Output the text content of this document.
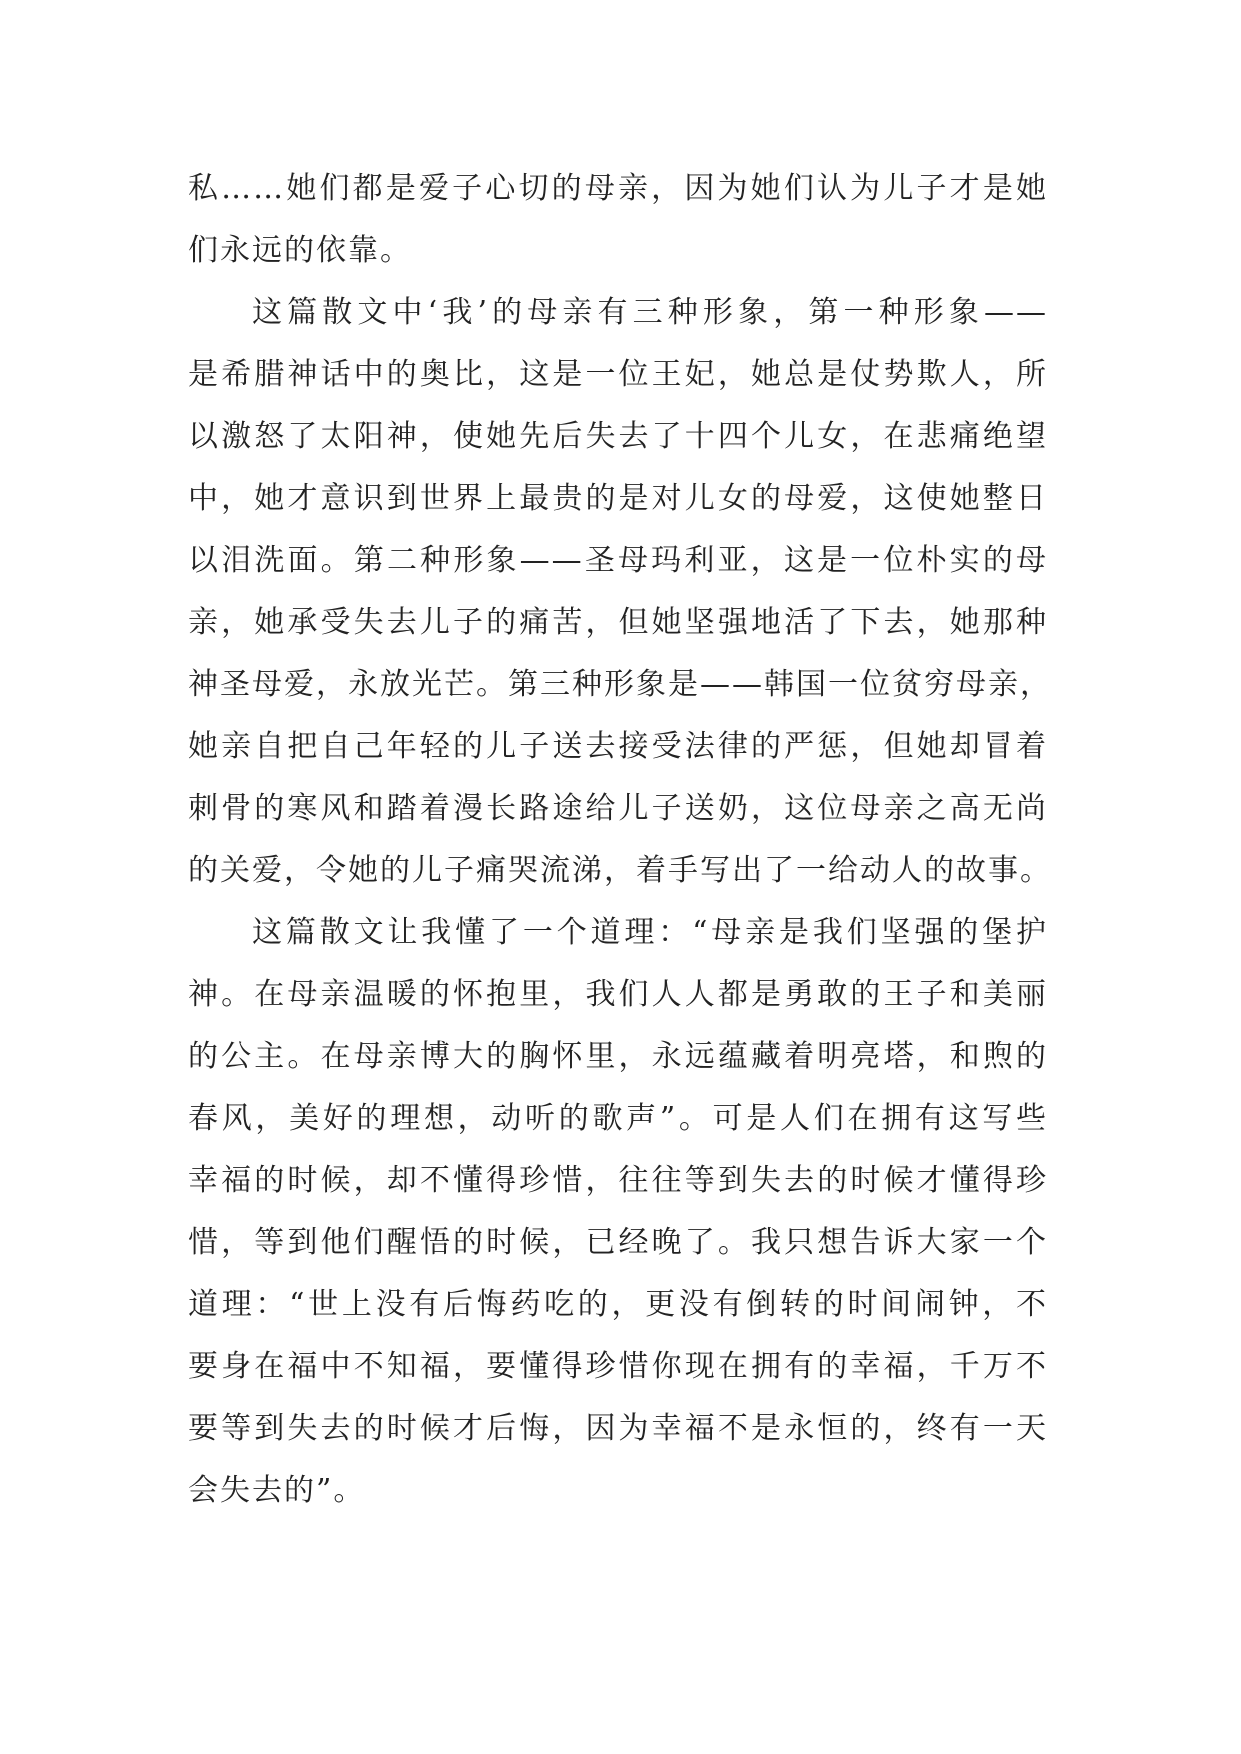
私……她们都是爱子心切的母亲，因为她们认为儿子才是她
们永远的依靠。
这篇散文中‘我’的母亲有三种形象，第一种形象——
是希腊神话中的奥比，这是一位王妃，她总是仗势欺人，所
以激怒了太阳神，使她先后失去了十四个儿女，在悲痛绝望
中，她才意识到世界上最贵的是对儿女的母爱，这使她整日
以泪洗面。第二种形象——圣母玛利亚，这是一位朴实的母
亲，她承受失去儿子的痛苦，但她坚强地活了下去，她那种
神圣母爱，永放光芒。第三种形象是——韩国一位贫穷母亲，
她亲自把自己年轻的儿子送去接受法律的严惩，但她却冒着
刺骨的寒风和踏着漫长路途给儿子送奶，这位母亲之高无尚
的关爱，令她的儿子痛哭流涕，着手写出了一给动人的故事。
这篇散文让我懂了一个道理：“母亲是我们坚强的堡护
神。在母亲温暖的怀抱里，我们人人都是勇敢的王子和美丽
的公主。在母亲博大的胸怀里，永远蕴藏着明亮塔，和煦的
春风，美好的理想，动听的歌声”。可是人们在拥有这写些
幸福的时候，却不懂得珍惜，往往等到失去的时候才懂得珍
惜，等到他们醒悟的时候，已经晚了。我只想告诉大家一个
道理：“世上没有后悔药吃的，更没有倒转的时间闹钟，不
要身在福中不知福，要懂得珍惜你现在拥有的幸福，千万不
要等到失去的时候才后悔，因为幸福不是永恒的，终有一天
会失去的”。
